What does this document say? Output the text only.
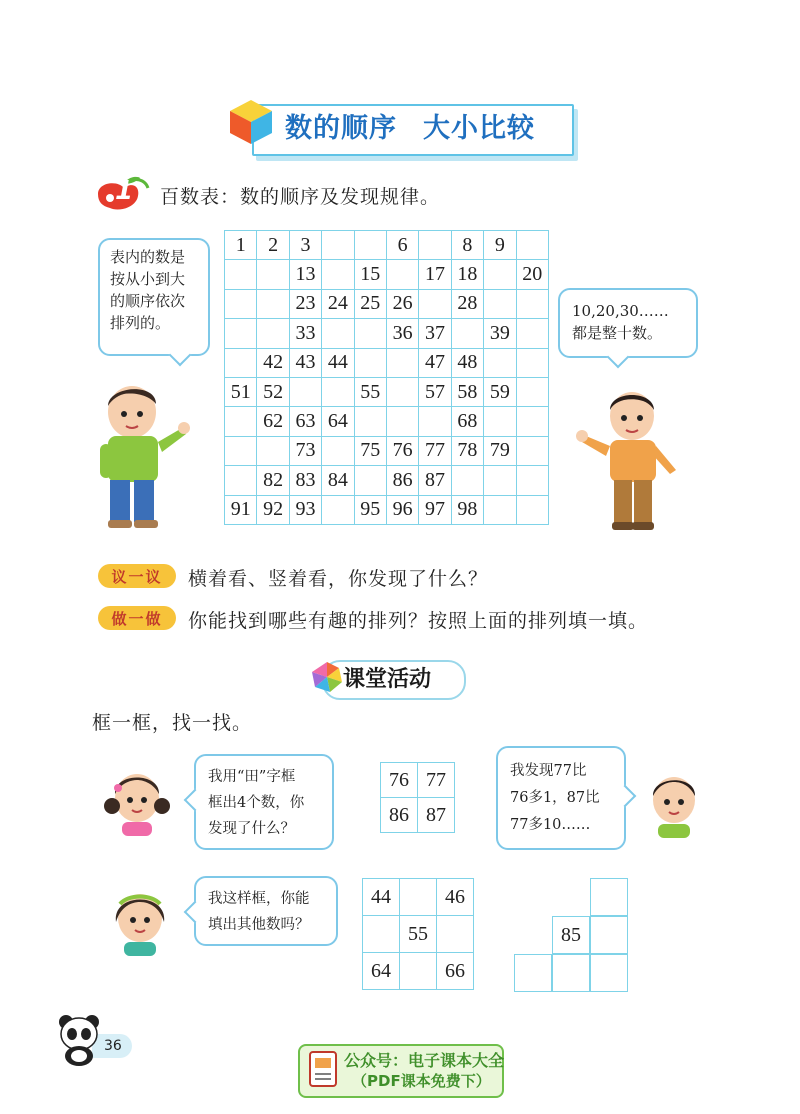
数的顺序 大小比较
1 百数表：数的顺序及发现规律。
1	2	3			6		8	9	
		13		15		17	18		20
		23	24	25	26		28		
		33			36	37		39	
	42	43	44			47	48		
51	52			55		57	58	59	
	62	63	64				68		
		73		75	76	77	78	79	
	82	83	84		86	87			
91	92	93		95	96	97	98		
表内的数是
按从小到大
的顺序依次
排列的。
10,20,30……
都是整十数。
议一议	横着看、竖着看，你发现了什么？
做一做	你能找到哪些有趣的排列？按照上面的排列填一填。
课堂活动
框一框，找一找。
我用“田”字框
框出4个数，你
发现了什么？
76	77
86	87
我发现77比
76多1，87比
77多10……
我这样框，你能
填出其他数吗？
44		46
	55	
64		66
85
36
公众号：电子课本大全
（PDF课本免费下）
